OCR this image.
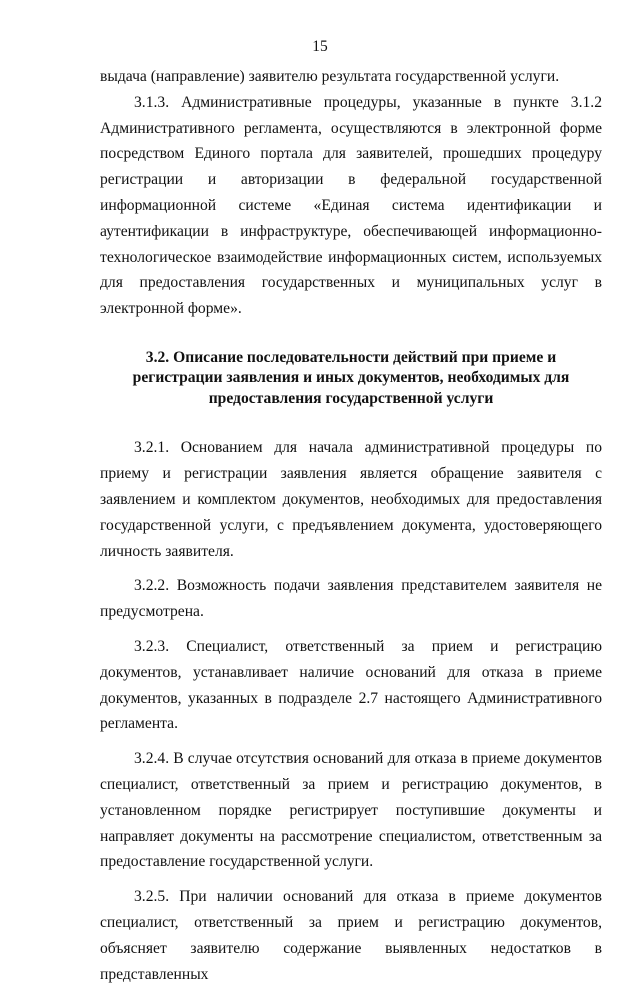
15

выдача (направление) заявителю результата государственной услуги.

3.1.3. Административные процедуры, указанные в пункте 3.1.2 Административного регламента, осуществляются в электронной форме посредством Единого портала для заявителей, прошедших процедуру регистрации и авторизации в федеральной государственной информационной системе «Единая система идентификации и аутентификации в инфраструктуре, обеспечивающей информационно-технологическое взаимодействие информационных систем, используемых для предоставления государственных и муниципальных услуг в электронной форме».

3.2. Описание последовательности действий при приеме и регистрации заявления и иных документов, необходимых для предоставления государственной услуги

3.2.1. Основанием для начала административной процедуры по приему и регистрации заявления является обращение заявителя с заявлением и комплектом документов, необходимых для предоставления государственной услуги, с предъявлением документа, удостоверяющего личность заявителя.

3.2.2. Возможность подачи заявления представителем заявителя не предусмотрена.

3.2.3. Специалист, ответственный за прием и регистрацию документов, устанавливает наличие оснований для отказа в приеме документов, указанных в подразделе 2.7 настоящего Административного регламента.

3.2.4. В случае отсутствия оснований для отказа в приеме документов специалист, ответственный за прием и регистрацию документов, в установленном порядке регистрирует поступившие документы и направляет документы на рассмотрение специалистом, ответственным за предоставление государственной услуги.

3.2.5. При наличии оснований для отказа в приеме документов специалист, ответственный за прием и регистрацию документов, объясняет заявителю содержание выявленных недостатков в представленных
